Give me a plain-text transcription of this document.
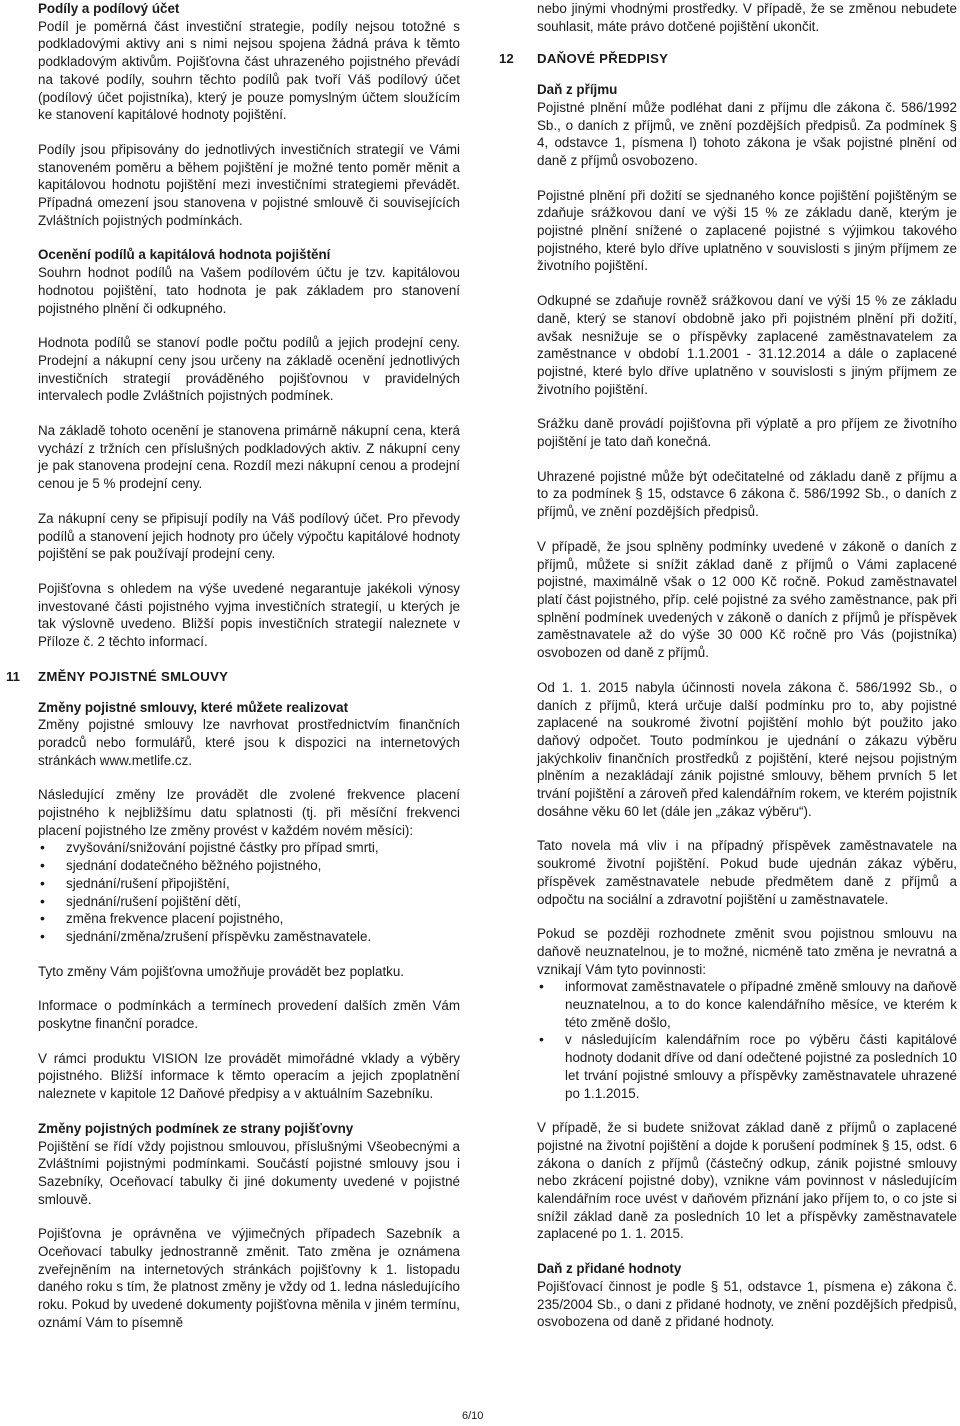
Podíly a podílový účet

Podíl je poměrná část investiční strategie, podíly nejsou totožné s podkladovými aktivy ani s nimi nejsou spojena žádná práva k těmto podkladovým aktivům. Pojišťovna část uhrazeného pojistného převádí na takové podíly, souhrn těchto podílů pak tvoří Váš podílový účet (podílový účet pojistníka), který je pouze pomyslným účtem sloužícím ke stanovení kapitálové hodnoty pojištění.

Podíly jsou připisovány do jednotlivých investičních strategií ve Vámi stanoveném poměru a během pojištění je možné tento poměr měnit a kapitálovou hodnotu pojištění mezi investičními strategiemi převádět. Případná omezení jsou stanovena v pojistné smlouvě či souvisejících Zvláštních pojistných podmínkách.

Ocenění podílů a kapitálová hodnota pojištění

Souhrn hodnot podílů na Vašem podílovém účtu je tzv. kapitálovou hodnotou pojištění, tato hodnota je pak základem pro stanovení pojistného plnění či odkupného.

Hodnota podílů se stanoví podle počtu podílů a jejich prodejní ceny. Prodejní a nákupní ceny jsou určeny na základě ocenění jednotlivých investičních strategií prováděného pojišťovnou v pravidelných intervalech podle Zvláštních pojistných podmínek.

Na základě tohoto ocenění je stanovena primárně nákupní cena, která vychází z tržních cen příslušných podkladových aktiv. Z nákupní ceny je pak stanovena prodejní cena. Rozdíl mezi nákupní cenou a prodejní cenou je 5 % prodejní ceny.

Za nákupní ceny se připisují podíly na Váš podílový účet. Pro převody podílů a stanovení jejich hodnoty pro účely výpočtu kapitálové hodnoty pojištění se pak používají prodejní ceny.

Pojišťovna s ohledem na výše uvedené negarantuje jakékoli výnosy investované části pojistného vyjma investičních strategií, u kterých je tak výslovně uvedeno. Bližší popis investičních strategií naleznete v Příloze č. 2 těchto informací.

11 ZMĚNY POJISTNÉ SMLOUVY
Změny pojistné smlouvy, které můžete realizovat

Změny pojistné smlouvy lze navrhovat prostřednictvím finančních poradců nebo formulářů, které jsou k dispozici na internetových stránkách www.metlife.cz.

Následující změny lze provádět dle zvolené frekvence placení pojistného k nejbližšímu datu splatnosti (tj. při měsíční frekvenci placení pojistného lze změny provést v každém novém měsíci):

• zvyšování/snižování pojistné částky pro případ smrti,
• sjednání dodatečného běžného pojistného,
• sjednání/rušení připojištění,
• sjednání/rušení pojištění dětí,
• změna frekvence placení pojistného,
• sjednání/změna/zrušení příspěvku zaměstnavatele.

Tyto změny Vám pojišťovna umožňuje provádět bez poplatku.

Informace o podmínkách a termínech provedení dalších změn Vám poskytne finanční poradce.

V rámci produktu VISION lze provádět mimořádné vklady a výběry pojistného. Bližší informace k těmto operacím a jejich zpoplatnění naleznete v kapitole 12 Daňové předpisy a v aktuálním Sazebníku.

Změny pojistných podmínek ze strany pojišťovny

Pojištění se řídí vždy pojistnou smlouvou, příslušnými Všeobecnými a Zvláštními pojistnými podmínkami. Součástí pojistné smlouvy jsou i Sazebníky, Oceňovací tabulky či jiné dokumenty uvedené v pojistné smlouvě.

Pojišťovna je oprávněna ve výjimečných případech Sazebník a Oceňovací tabulky jednostranně změnit. Tato změna je oznámena zveřejněním na internetových stránkách pojišťovny k 1. listopadu daného roku s tím, že platnost změny je vždy od 1. ledna následujícího roku. Pokud by uvedené dokumenty pojišťovna měnila v jiném termínu, oznámí Vám to písemně

nebo jinými vhodnými prostředky. V případě, že se změnou nebudete souhlasit, máte právo dotčené pojištění ukončit.

12 DAŇOVÉ PŘEDPISY
Daň z příjmu

Pojistné plnění může podléhat dani z příjmu dle zákona č. 586/1992 Sb., o daních z příjmů, ve znění pozdějších předpisů. Za podmínek § 4, odstavce 1, písmena l) tohoto zákona je však pojistné plnění od daně z příjmů osvobozeno.

Pojistné plnění při dožití se sjednaného konce pojištění pojištěným se zdaňuje srážkovou daní ve výši 15 % ze základu daně, kterým je pojistné plnění snížené o zaplacené pojistné s výjimkou takového pojistného, které bylo dříve uplatněno v souvislosti s jiným příjmem ze životního pojištění.

Odkupné se zdaňuje rovněž srážkovou daní ve výši 15 % ze základu daně, který se stanoví obdobně jako při pojistném plnění při dožití, avšak nesnižuje se o příspěvky zaplacené zaměstnavatelem za zaměstnance v období 1.1.2001 - 31.12.2014 a dále o zaplacené pojistné, které bylo dříve uplatněno v souvislosti s jiným příjmem ze životního pojištění.

Srážku daně provádí pojišťovna při výplatě a pro příjem ze životního pojištění je tato daň konečná.

Uhrazené pojistné může být odečitatelné od základu daně z příjmu a to za podmínek § 15, odstavce 6 zákona č. 586/1992 Sb., o daních z příjmů, ve znění pozdějších předpisů.

V případě, že jsou splněny podmínky uvedené v zákoně o daních z příjmů, můžete si snížit základ daně z příjmů o Vámi zaplacené pojistné, maximálně však o 12 000 Kč ročně. Pokud zaměstnavatel platí část pojistného, příp. celé pojistné za svého zaměstnance, pak při splnění podmínek uvedených v zákoně o daních z příjmů je příspěvek zaměstnavatele až do výše 30 000 Kč ročně pro Vás (pojistníka) osvobozen od daně z příjmů.

Od 1. 1. 2015 nabyla účinnosti novela zákona č. 586/1992 Sb., o daních z příjmů, která určuje další podmínku pro to, aby pojistné zaplacené na soukromé životní pojištění mohlo být použito jako daňový odpočet. Touto podmínkou je ujednání o zákazu výběru jakýchkoliv finančních prostředků z pojištění, které nejsou pojistným plněním a nezakládají zánik pojistné smlouvy, během prvních 5 let trvání pojištění a zároveň před kalendářním rokem, ve kterém pojistník dosáhne věku 60 let (dále jen „zákaz výběru“).

Tato novela má vliv i na případný příspěvek zaměstnavatele na soukromé životní pojištění. Pokud bude ujednán zákaz výběru, příspěvek zaměstnavatele nebude předmětem daně z příjmů a odpočtu na sociální a zdravotní pojištění u zaměstnavatele.

Pokud se později rozhodnete změnit svou pojistnou smlouvu na daňově neuznatelnou, je to možné, nicméně tato změna je nevratná a vznikají Vám tyto povinnosti:

• informovat zaměstnavatele o případné změně smlouvy na daňově neuznatelnou, a to do konce kalendářního měsíce, ve kterém k této změně došlo,
• v následujícím kalendářním roce po výběru části kapitálové hodnoty dodanit dříve od daní odečtené pojistné za posledních 10 let trvání pojistné smlouvy a příspěvky zaměstnavatele uhrazené po 1.1.2015.

V případě, že si budete snižovat základ daně z příjmů o zaplacené pojistné na životní pojištění a dojde k porušení podmínek § 15, odst. 6 zákona o daních z příjmů (částečný odkup, zánik pojistné smlouvy nebo zkrácení pojistné doby), vznikne vám povinnost v následujícím kalendářním roce uvést v daňovém přiznání jako příjem to, o co jste si snížil základ daně za posledních 10 let a příspěvky zaměstnavatele zaplacené po 1. 1. 2015.

Daň z přidané hodnoty

Pojišťovací činnost je podle § 51, odstavce 1, písmena e) zákona č. 235/2004 Sb., o dani z přidané hodnoty, ve znění pozdějších předpisů, osvobozena od daně z přidané hodnoty.

6/10
